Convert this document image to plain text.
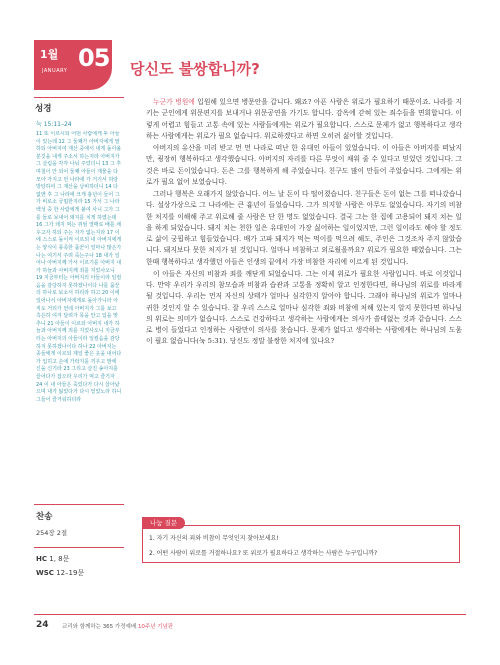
1월
JANUARY 05 당신도 불쌍합니까?
성경
눅 15:11–24
11 또 이르시되 어떤 사람에게 두 아들이 있는데 12 그 둘째가 아버지에게 말하되 아버지여 재산 중에서 내게 돌아올 분깃을 내게 주소서 하는지라 아버지가 그 살림을 각각 나눠 주었더니 13 그 후 며칠이 안 되어 둘째 아들이 재물을 다 모아 가지고 먼 나라에 가 거기서 허랑방탕하여 그 재산을 낭비하더니 14 다 없앤 후 그 나라에 크게 흉년이 들어 그가 비로소 궁핍한지라 15 가서 그 나라 백성 중 한 사람에게 붙여 사니 그가 그를 들로 보내어 돼지를 치게 하였는데 16 그가 돼지 먹는 쥐엄 열매로 배를 채우고자 하되 주는 자가 없는지라 17 이에 스스로 돌이켜 이르되 내 아버지에게는 양식이 풍족한 품꾼이 얼마나 많은가 나는 여기서 주려 죽는구나 18 내가 일어나 아버지께 가서 이르기를 아버지 내가 하늘과 아버지께 죄를 지었사오니 19 지금부터는 아버지의 아들이라 일컬음을 감당하지 못하겠나이다 나를 품꾼의 하나로 보소서 하리라 하고 20 이에 일어나서 아버지에게로 돌아가니라 아직도 거리가 먼데 아버지가 그를 보고 측은히 여겨 달려가 목을 안고 입을 맞추니 21 아들이 이르되 아버지 내가 하늘과 아버지께 죄를 지었사오니 지금부터는 아버지의 아들이라 일컬음을 감당하지 못하겠나이다 하나 22 아버지는 종들에게 이르되 제일 좋은 옷을 내어다가 입히고 손에 가락지를 끼우고 발에 신을 신기라 23 그리고 살진 송아지를 끌어다가 잡으라 우리가 먹고 즐기자 24 이 내 아들은 죽었다가 다시 살아났으며 내가 잃었다가 다시 얻었노라 하니 그들이 즐거워하더라
찬송
254장 2절
HC 1, 8문
WSC 12–19문

누군가 병원에 입원해 있으면 병문안을 갑니다. 왜죠? 아픈 사람은 위로가 필요하기 때문이죠. 나라를 지키는 군인에게 위문편지를 보내거나 위문공연을 가기도 합니다. 감옥에 갇혀 있는 죄수들을 면회합니다. 이렇게 어렵고 힘들고 고통 속에 있는 사람들에게는 위로가 필요합니다. 스스로 문제가 없고 행복하다고 생각하는 사람에게는 위로가 필요 없습니다. 위로하겠다고 하면 오히려 싫어할 것입니다.

아버지의 유산을 미리 받고 먼 먼 나라로 떠난 한 유대인 아들이 있었습니다. 이 아들은 아버지를 떠났지만, 굉장히 행복하다고 생각했습니다. 아버지의 자리를 다른 무엇이 채워 줄 수 있다고 믿었던 것입니다. 그것은 바로 돈이었습니다. 돈은 그를 행복하게 해 주었습니다. 친구도 많이 만들어 주었습니다. 그에게는 위로가 필요 없어 보였습니다.

그러나 행복은 오래가지 않았습니다. 어느 날 돈이 다 떨어졌습니다. 친구들은 돈이 없는 그를 떠나갔습니다. 설상가상으로 그 나라에는 큰 흉년이 들었습니다. 그가 의지할 사람은 아무도 없었습니다. 자기의 비참한 처지를 이해해 주고 위로해 줄 사람은 단 한 명도 없었습니다. 결국 그는 한 집에 고용되어 돼지 치는 일을 하게 되었습니다. 돼지 치는 천한 일은 유대인이 가장 싫어하는 일이었지만, 그런 일이라도 해야 할 정도로 삶이 궁핍하고 힘들었습니다. 배가 고파 돼지가 먹는 먹이를 먹으려 해도, 주인은 그것조차 주지 않았습니다. 돼지보다 못한 처지가 된 것입니다. 얼마나 비참하고 외로웠을까요? 위로가 필요한 때였습니다. 그는 한때 행복하다고 생각했던 아들은 인생의 끝에서 가장 비참한 자리에 이르게 된 것입니다.

이 아들은 자신의 비참과 죄를 깨닫게 되었습니다. 그는 이제 위로가 필요한 사람입니다. 바로 이것입니다. 만약 우리가 우리의 참모습과 비참과 습관과 고통을 정확히 알고 인정한다면, 하나님의 위로를 바라게 될 것입니다. 우리는 먼저 자신의 상태가 얼마나 심각한지 알아야 합니다. 그래야 하나님의 위로가 얼마나 귀한 것인지 알 수 있습니다. 잘 우리 스스로 얼마나 심각한 죄와 비참에 처해 있는지 알지 못한다면 하나님의 위로는 의미가 없습니다. 스스로 건강하다고 생각하는 사람에게는 의사가 쓸데없는 것과 같습니다. 스스로 병이 들었다고 인정하는 사람만이 의사를 찾습니다. 문제가 없다고 생각하는 사람에게는 하나님의 도움이 필요 없습니다(눅 5:31). 당신도 정말 불쌍한 처지에 있나요?

나눔 질문
1. 자기 자신의 죄와 비참이 무엇인지 찾아보세요!
2. 어떤 사람이 위로를 거절하나요? 또 위로가 필요하다고 생각하는 사람은 누구입니까?
24 교리와 함께하는 365 가정예배 10주년 기념판
